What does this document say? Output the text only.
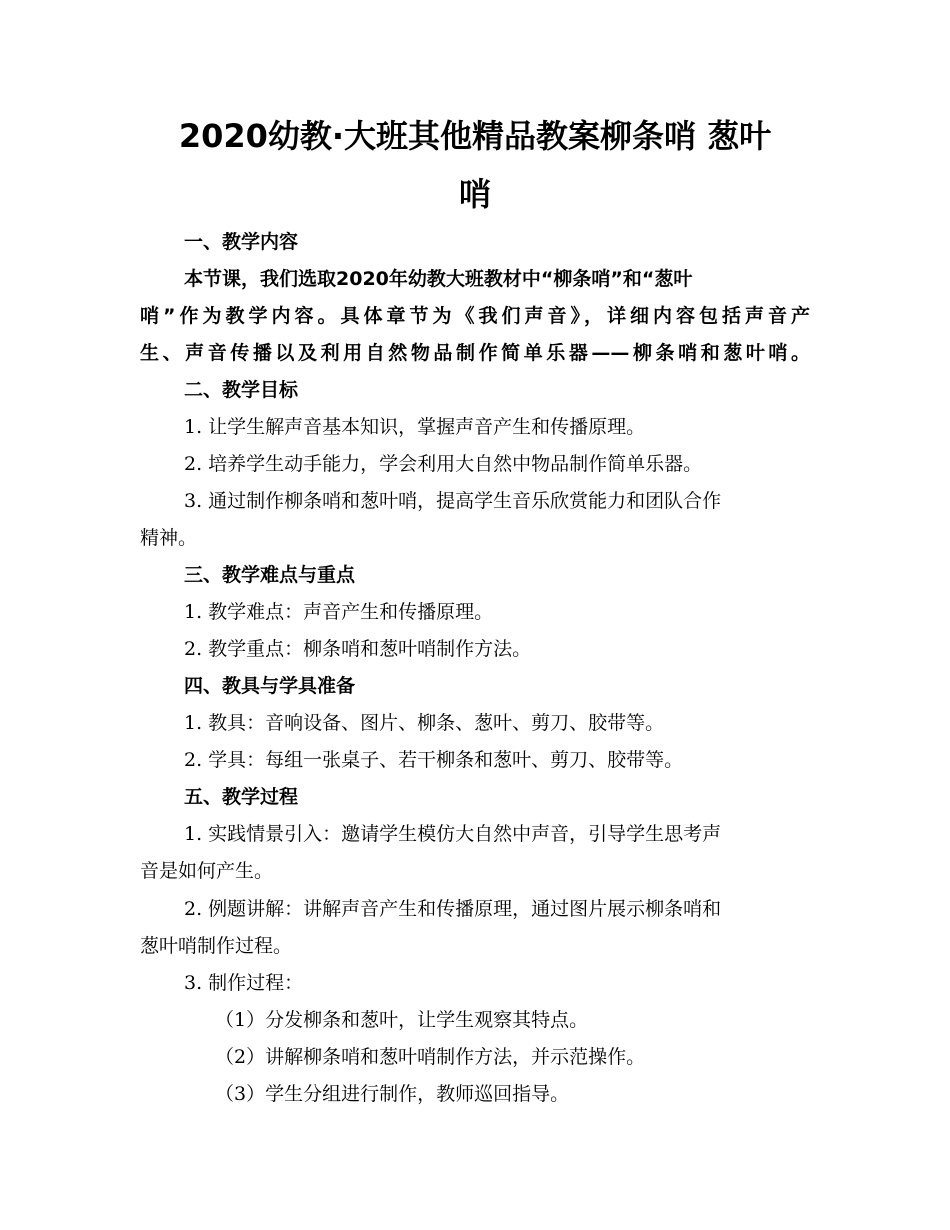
2020幼教·大班其他精品教案柳条哨 葱叶
哨
一、教学内容
本节课，我们选取2020年幼教大班教材中“柳条哨”和“葱叶
哨”作为教学内容。具体章节为《我们声音》，详细内容包括声音产
生、声音传播以及利用自然物品制作简单乐器——柳条哨和葱叶哨。
二、教学目标
1. 让学生解声音基本知识，掌握声音产生和传播原理。
2. 培养学生动手能力，学会利用大自然中物品制作简单乐器。
3. 通过制作柳条哨和葱叶哨，提高学生音乐欣赏能力和团队合作
精神。
三、教学难点与重点
1. 教学难点：声音产生和传播原理。
2. 教学重点：柳条哨和葱叶哨制作方法。
四、教具与学具准备
1. 教具：音响设备、图片、柳条、葱叶、剪刀、胶带等。
2. 学具：每组一张桌子、若干柳条和葱叶、剪刀、胶带等。
五、教学过程
1. 实践情景引入：邀请学生模仿大自然中声音，引导学生思考声
音是如何产生。
2. 例题讲解：讲解声音产生和传播原理，通过图片展示柳条哨和
葱叶哨制作过程。
3. 制作过程：
（1）分发柳条和葱叶，让学生观察其特点。
（2）讲解柳条哨和葱叶哨制作方法，并示范操作。
（3）学生分组进行制作，教师巡回指导。
